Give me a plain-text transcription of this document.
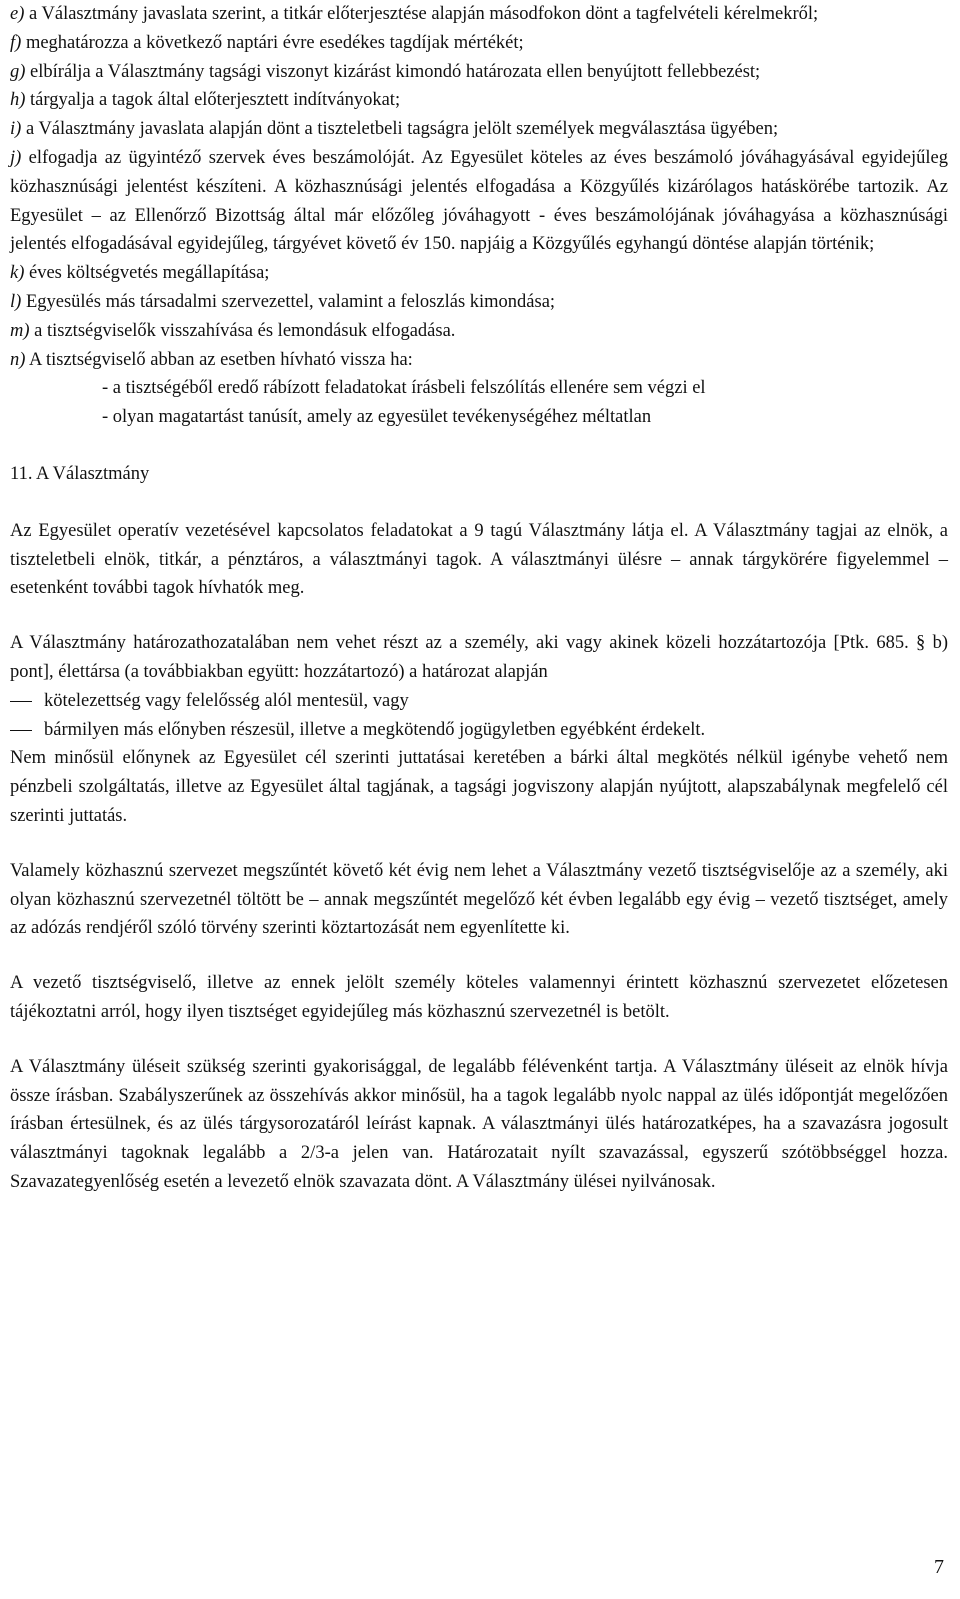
e) a Választmány javaslata szerint, a titkár előterjesztése alapján másodfokon dönt a tagfelvételi kérelmekről;

f) meghatározza a következő naptári évre esedékes tagdíjak mértékét;

g) elbírálja a Választmány tagsági viszonyt kizárást kimondó határozata ellen benyújtott fellebbezést;

h) tárgyalja a tagok által előterjesztett indítványokat;

i) a Választmány javaslata alapján dönt a tiszteletbeli tagságra jelölt személyek megválasztása ügyében;

j) elfogadja az ügyintéző szervek éves beszámolóját. Az Egyesület köteles az éves beszámoló jóváhagyásával egyidejűleg közhasznúsági jelentést készíteni. A közhasznúsági jelentés elfogadása a Közgyűlés kizárólagos hatáskörébe tartozik. Az Egyesület – az Ellenőrző Bizottság által már előzőleg jóváhagyott - éves beszámolójának jóváhagyása a közhasznúsági jelentés elfogadásával egyidejűleg, tárgyévet követő év 150. napjáig a Közgyűlés egyhangú döntése alapján történik;

k) éves költségvetés megállapítása;

l) Egyesülés más társadalmi szervezettel, valamint a feloszlás kimondása;

m) a tisztségviselők visszahívása és lemondásuk elfogadása.

n) A tisztségviselő abban az esetben hívható vissza ha:

- a tisztségéből eredő rábízott feladatokat írásbeli felszólítás ellenére sem végzi el

- olyan magatartást tanúsít, amely az egyesület tevékenységéhez méltatlan

11. A Választmány

Az Egyesület operatív vezetésével kapcsolatos feladatokat a 9 tagú Választmány látja el. A Választmány tagjai az elnök, a tiszteletbeli elnök, titkár, a pénztáros, a választmányi tagok. A választmányi ülésre – annak tárgykörére figyelemmel – esetenként további tagok hívhatók meg.

A Választmány határozathozatalában nem vehet részt az a személy, aki vagy akinek közeli hozzátartozója [Ptk. 685. § b) pont], élettársa (a továbbiakban együtt: hozzátartozó) a határozat alapján

kötelezettség vagy felelősség alól mentesül, vagy
bármilyen más előnyben részesül, illetve a megkötendő jogügyletben egyébként érdekelt.

Nem minősül előnynek az Egyesület cél szerinti juttatásai keretében a bárki által megkötés nélkül igénybe vehető nem pénzbeli szolgáltatás, illetve az Egyesület által tagjának, a tagsági jogviszony alapján nyújtott, alapszabálynak megfelelő cél szerinti juttatás.

Valamely közhasznú szervezet megszűntét követő két évig nem lehet a Választmány vezető tisztségviselője az a személy, aki olyan közhasznú szervezetnél töltött be – annak megszűntét megelőző két évben legalább egy évig – vezető tisztséget, amely az adózás rendjéről szóló törvény szerinti köztartozását nem egyenlítette ki.

A vezető tisztségviselő, illetve az ennek jelölt személy köteles valamennyi érintett közhasznú szervezetet előzetesen tájékoztatni arról, hogy ilyen tisztséget egyidejűleg más közhasznú szervezetnél is betölt.

A Választmány üléseit szükség szerinti gyakorisággal, de legalább félévenként tartja. A Választmány üléseit az elnök hívja össze írásban. Szabályszerűnek az összehívás akkor minősül, ha a tagok legalább nyolc nappal az ülés időpontját megelőzően írásban értesülnek, és az ülés tárgysorozatáról leírást kapnak. A választmányi ülés határozatképes, ha a szavazásra jogosult választmányi tagoknak legalább a 2/3-a jelen van. Határozatait nyílt szavazással, egyszerű szótöbbséggel hozza. Szavazategyenlőség esetén a levezető elnök szavazata dönt. A Választmány ülései nyilvánosak.

7
